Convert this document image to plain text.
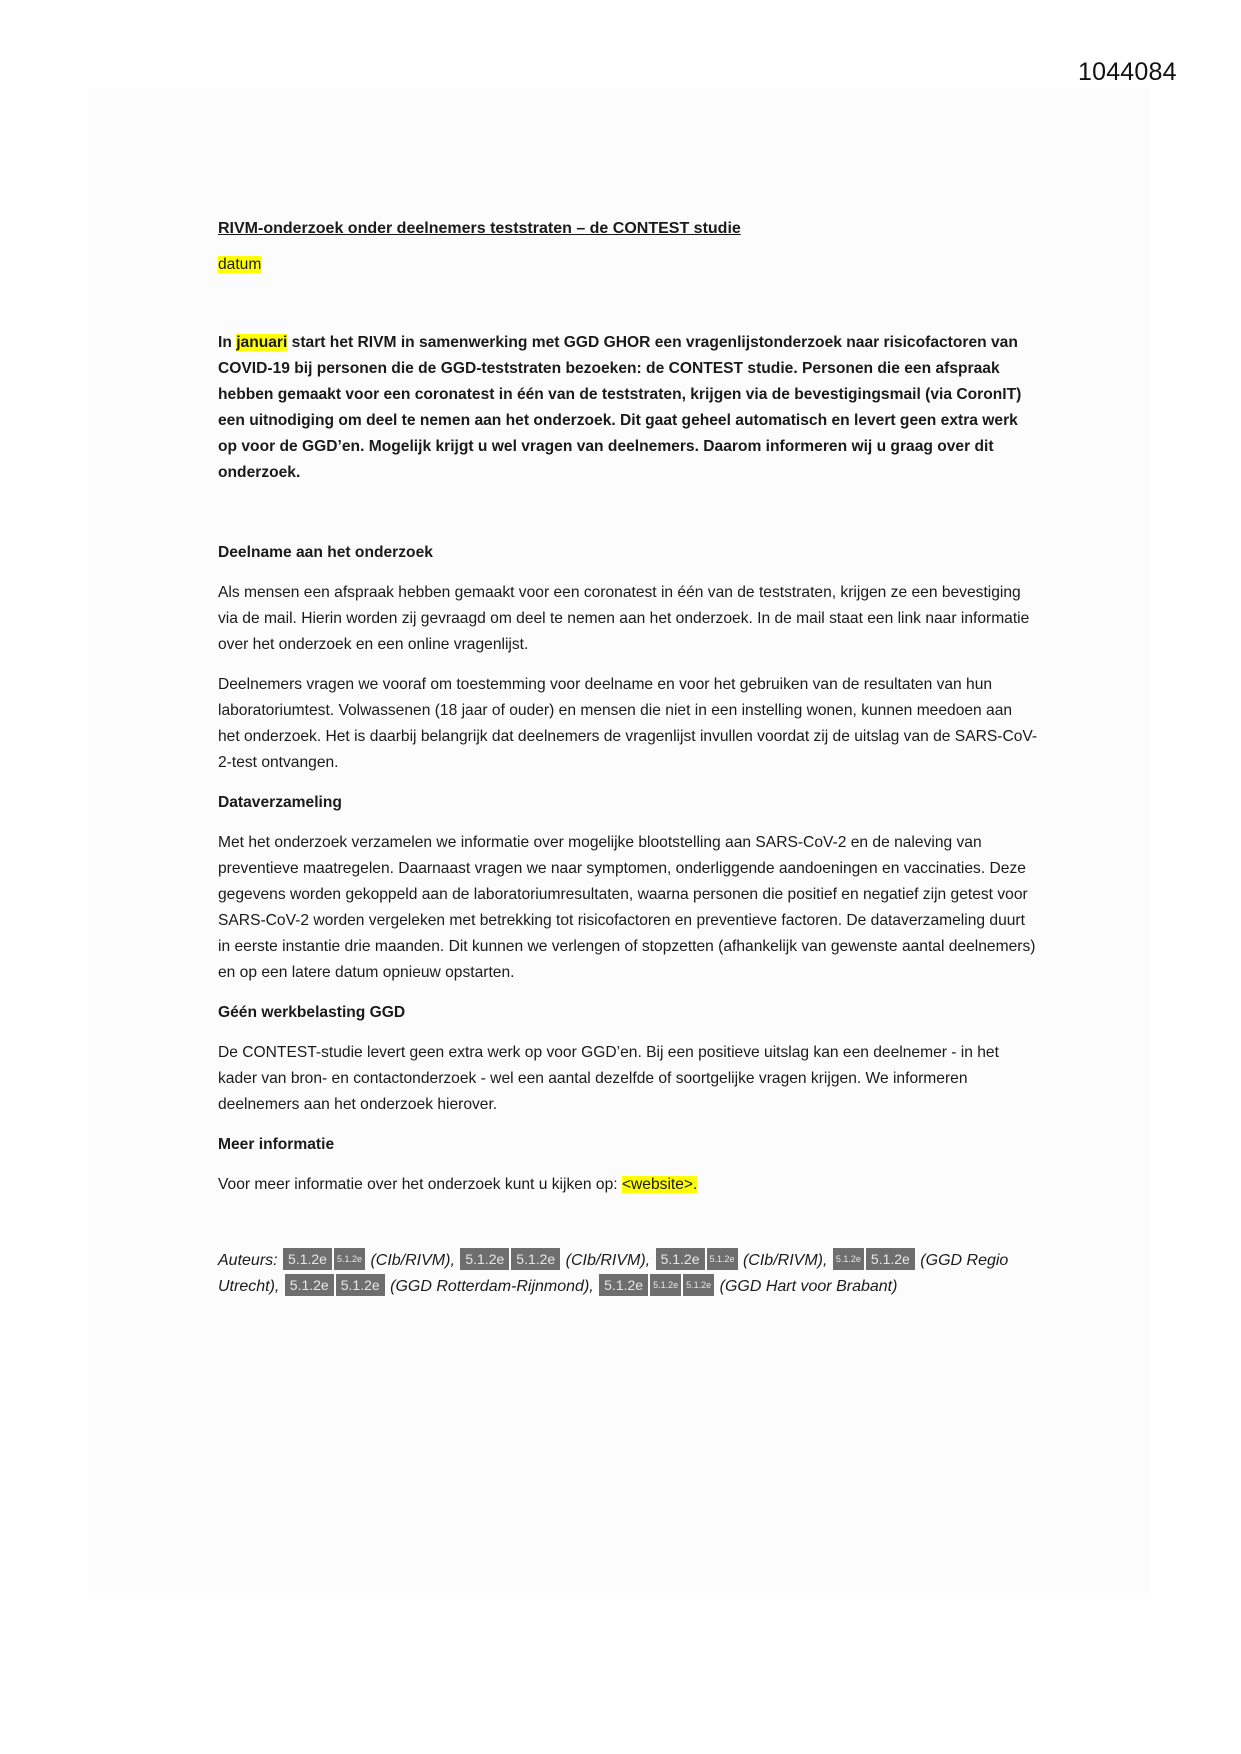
1044084
RIVM-onderzoek onder deelnemers teststraten – de CONTEST studie
datum

In januari start het RIVM in samenwerking met GGD GHOR een vragenlijstonderzoek naar risicofactoren van COVID-19 bij personen die de GGD-teststraten bezoeken: de CONTEST studie. Personen die een afspraak hebben gemaakt voor een coronatest in één van de teststraten, krijgen via de bevestigingsmail (via CoronIT) een uitnodiging om deel te nemen aan het onderzoek. Dit gaat geheel automatisch en levert geen extra werk op voor de GGD’en. Mogelijk krijgt u wel vragen van deelnemers. Daarom informeren wij u graag over dit onderzoek.

Deelname aan het onderzoek

Als mensen een afspraak hebben gemaakt voor een coronatest in één van de teststraten, krijgen ze een bevestiging via de mail. Hierin worden zij gevraagd om deel te nemen aan het onderzoek. In de mail staat een link naar informatie over het onderzoek en een online vragenlijst.

Deelnemers vragen we vooraf om toestemming voor deelname en voor het gebruiken van de resultaten van hun laboratoriumtest. Volwassenen (18 jaar of ouder) en mensen die niet in een instelling wonen, kunnen meedoen aan het onderzoek. Het is daarbij belangrijk dat deelnemers de vragenlijst invullen voordat zij de uitslag van de SARS-CoV-2-test ontvangen.

Dataverzameling

Met het onderzoek verzamelen we informatie over mogelijke blootstelling aan SARS-CoV-2 en de naleving van preventieve maatregelen. Daarnaast vragen we naar symptomen, onderliggende aandoeningen en vaccinaties. Deze gegevens worden gekoppeld aan de laboratoriumresultaten, waarna personen die positief en negatief zijn getest voor SARS-CoV-2 worden vergeleken met betrekking tot risicofactoren en preventieve factoren. De dataverzameling duurt in eerste instantie drie maanden. Dit kunnen we verlengen of stopzetten (afhankelijk van gewenste aantal deelnemers) en op een latere datum opnieuw opstarten.

Géén werkbelasting GGD

De CONTEST-studie levert geen extra werk op voor GGD’en. Bij een positieve uitslag kan een deelnemer - in het kader van bron- en contactonderzoek - wel een aantal dezelfde of soortgelijke vragen krijgen. We informeren deelnemers aan het onderzoek hierover.

Meer informatie

Voor meer informatie over het onderzoek kunt u kijken op: <website>.

Auteurs: 5.1.2e 5.1.2e (CIb/RIVM), 5.1.2e 5.1.2e (CIb/RIVM), 5.1.2e 5.1.2e (CIb/RIVM), 5.1.2e 5.1.2e (GGD Regio Utrecht), 5.1.2e 5.1.2e (GGD Rotterdam-Rijnmond), 5.1.2e 5.1.2e 5.1.2e (GGD Hart voor Brabant)
